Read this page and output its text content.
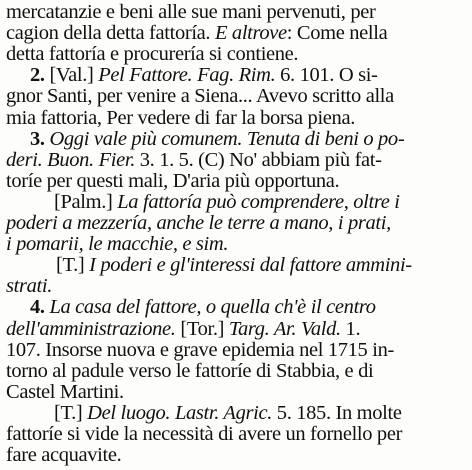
mercatanzie e beni alle sue mani pervenuti, per
cagion della detta fattoría. E altrove: Come nella
detta fattoría e procurería si contiene.
2. [Val.] Pel Fattore. Fag. Rim. 6. 101. O si-
gnor Santi, per venire a Siena... Avevo scritto alla
mia fattoria, Per vedere di far la borsa piena.
3. Oggi vale più comunem. Tenuta di beni o po-
deri. Buon. Fier. 3. 1. 5. (C) No' abbiam più fat-
toríe per questi mali, D'aria più opportuna.
[Palm.] La fattoría può comprendere, oltre i
poderi a mezzería, anche le terre a mano, i prati,
i pomarii, le macchie, e sim.
[T.] I poderi e gl'interessi dal fattore ammini-
strati.
4. La casa del fattore, o quella ch'è il centro
dell'amministrazione. [Tor.] Targ. Ar. Vald. 1.
107. Insorse nuova e grave epidemia nel 1715 in-
torno al padule verso le fattoríe di Stabbia, e di
Castel Martini.
[T.] Del luogo. Lastr. Agric. 5. 185. In molte
fattoríe si vide la necessità di avere un fornello per
fare acquavite.
